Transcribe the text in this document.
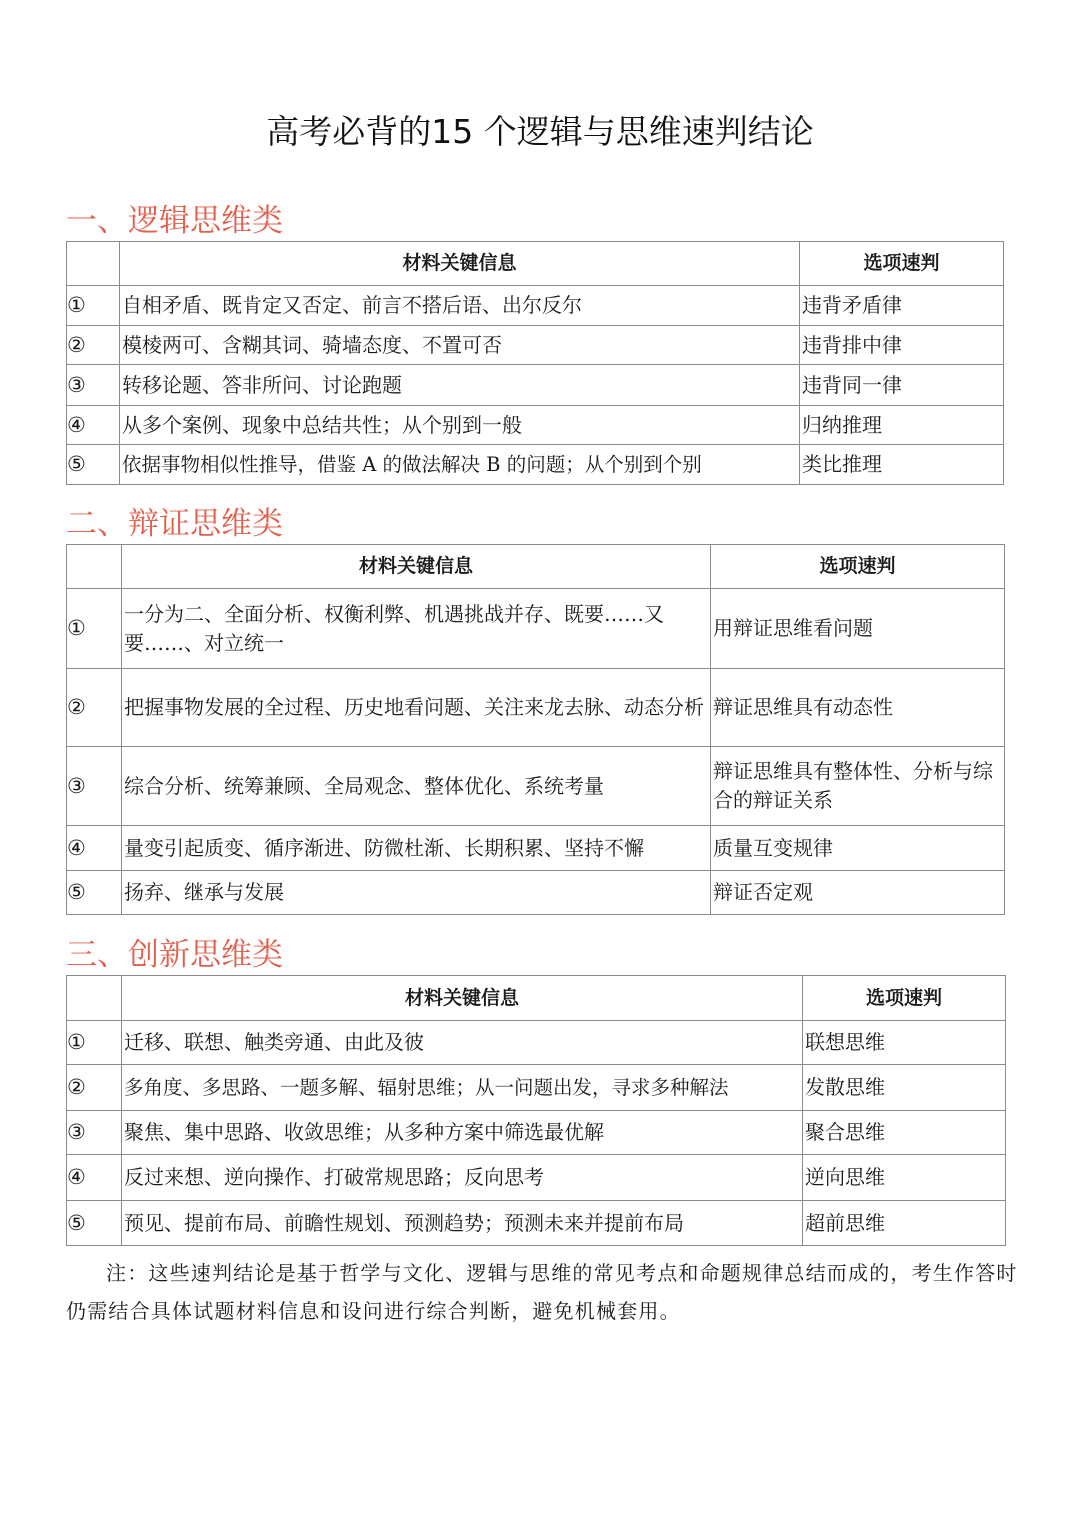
高考必背的15 个逻辑与思维速判结论
一、逻辑思维类
	材料关键信息	选项速判
①	自相矛盾、既肯定又否定、前言不搭后语、出尔反尔	违背矛盾律
②	模棱两可、含糊其词、骑墙态度、不置可否	违背排中律
③	转移论题、答非所问、讨论跑题	违背同一律
④	从多个案例、现象中总结共性；从个别到一般	归纳推理
⑤	依据事物相似性推导，借鉴 A 的做法解决 B 的问题；从个别到个别	类比推理
二、辩证思维类
	材料关键信息	选项速判
①	一分为二、全面分析、权衡利弊、机遇挑战并存、既要……又要……、对立统一	用辩证思维看问题
②	把握事物发展的全过程、历史地看问题、关注来龙去脉、动态分析	辩证思维具有动态性
③	综合分析、统筹兼顾、全局观念、整体优化、系统考量	辩证思维具有整体性、分析与综合的辩证关系
④	量变引起质变、循序渐进、防微杜渐、长期积累、坚持不懈	质量互变规律
⑤	扬弃、继承与发展	辩证否定观
三、创新思维类
	材料关键信息	选项速判
①	迁移、联想、触类旁通、由此及彼	联想思维
②	多角度、多思路、一题多解、辐射思维；从一问题出发，寻求多种解法	发散思维
③	聚焦、集中思路、收敛思维；从多种方案中筛选最优解	聚合思维
④	反过来想、逆向操作、打破常规思路；反向思考	逆向思维
⑤	预见、提前布局、前瞻性规划、预测趋势；预测未来并提前布局	超前思维
注：这些速判结论是基于哲学与文化、逻辑与思维的常见考点和命题规律总结而成的，考生作答时仍需结合具体试题材料信息和设问进行综合判断，避免机械套用。
